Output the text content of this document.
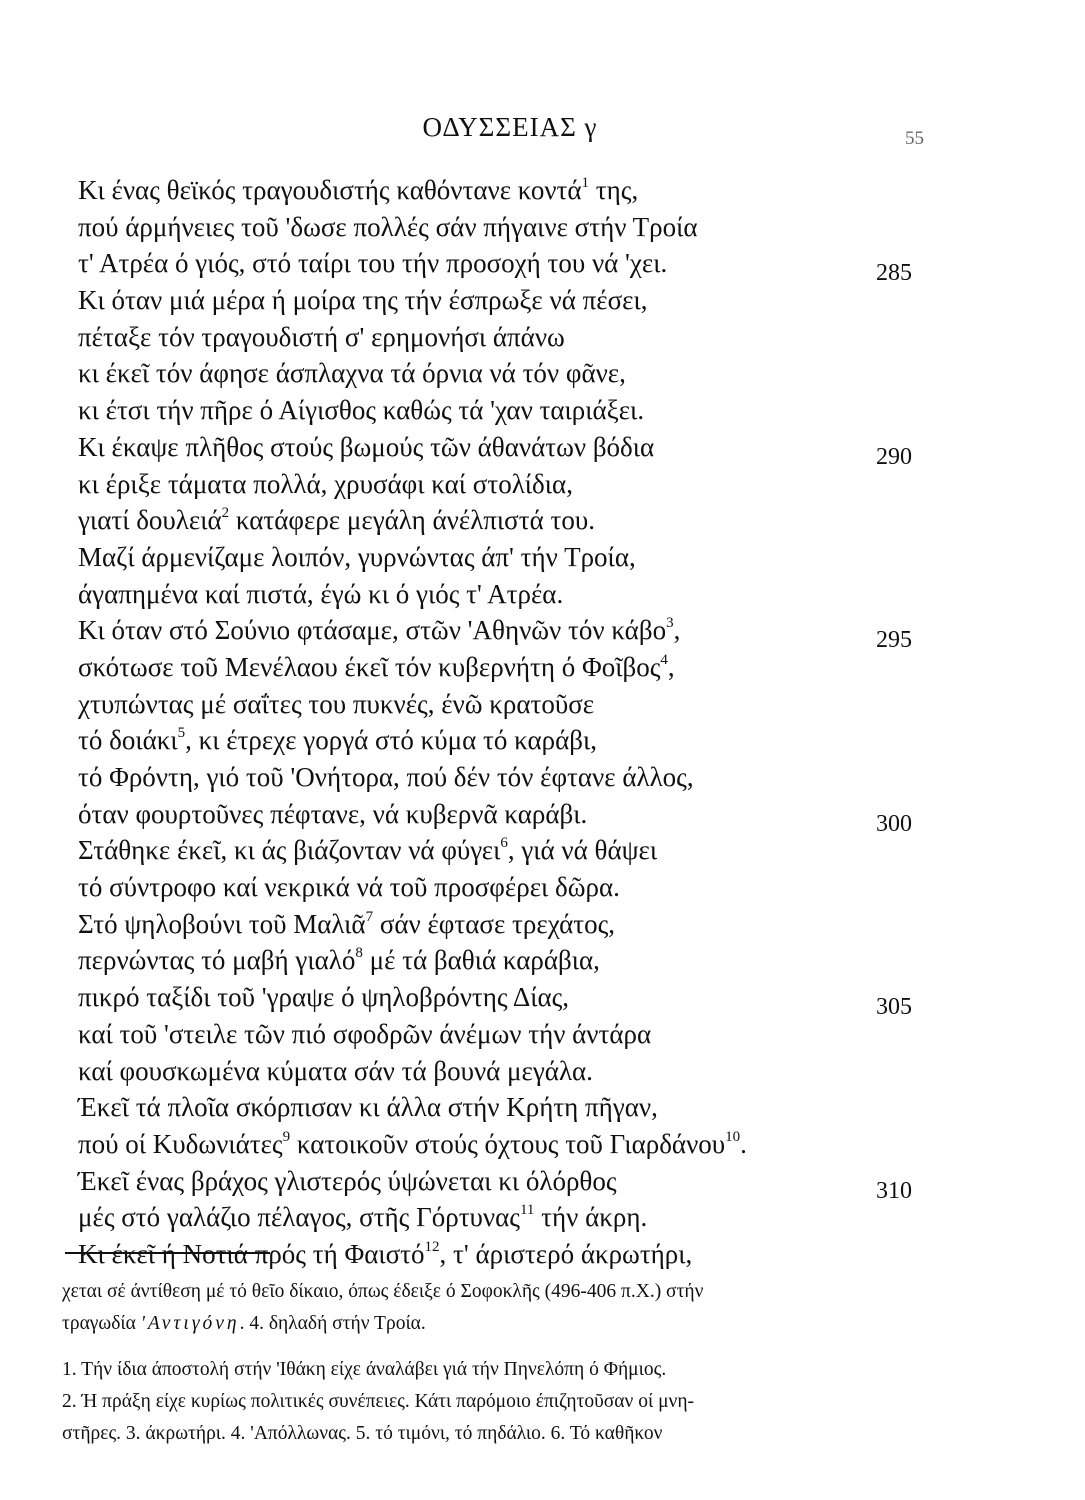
ΟΔΥΣΣΕΙΑΣ γ	55
Κι ένας θεϊκός τραγουδιστής καθόντανε κοντά$^1$ της,
πού άρμήνειες τοῦ 'δωσε πολλές σάν πήγαινε στήν Τροία
τ' Ατρέα ό γιός, στό ταίρι του τήν προσοχή του νά 'χει.	285
Κι όταν μιά μέρα ή μοίρα της τήν έσπρωξε νά πέσει,
πέταξε τόν τραγουδιστή σ' ερημονήσι άπάνω
κι έκεῖ τόν άφησε άσπλαχνα τά όρνια νά τόν φᾶνε,
κι έτσι τήν πῆρε ό Αίγισθος καθώς τά 'χαν ταιριάξει.
Κι έκαψε πλῆθος στούς βωμούς τῶν άθανάτων βόδια	290
κι έριξε τάματα πολλά, χρυσάφι καί στολίδια,
γιατί δουλειά$^2$ κατάφερε μεγάλη άνέλπιστά του.
Μαζί άρμενίζαμε λοιπόν, γυρνώντας άπ' τήν Τροία,
άγαπημένα καί πιστά, έγώ κι ό γιός τ' Ατρέα.
Κι όταν στό Σούνιο φτάσαμε, στῶν 'Αθηνῶν τόν κάβο$^3$,	295
σκότωσε τοῦ Μενέλαου έκεῖ τόν κυβερνήτη ό Φοῖβος$^4$,
χτυπώντας μέ σαΐτες του πυκνές, ένῶ κρατοῦσε
τό δοιάκι$^5$, κι έτρεχε γοργά στό κύμα τό καράβι,
τό Φρόντη, γιό τοῦ 'Ονήτορα, πού δέν τόν έφτανε άλλος,
όταν φουρτοῦνες πέφτανε, νά κυβερνᾶ καράβι.	300
Στάθηκε έκεῖ, κι άς βιάζονταν νά φύγει$^6$, γιά νά θάψει
τό σύντροφο καί νεκρικά νά τοῦ προσφέρει δῶρα.
Στό ψηλοβούνι τοῦ Μαλιᾶ$^7$ σάν έφτασε τρεχάτος,
περνώντας τό μαβή γιαλό$^8$ μέ τά βαθιά καράβια,
πικρό ταξίδι τοῦ 'γραψε ό ψηλοβρόντης Δίας,	305
καί τοῦ 'στειλε τῶν πιό σφοδρῶν άνέμων τήν άντάρα
καί φουσκωμένα κύματα σάν τά βουνά μεγάλα.
Έκεῖ τά πλοῖα σκόρπισαν κι άλλα στήν Κρήτη πῆγαν,
πού οί Κυδωνιάτες$^9$ κατοικοῦν στούς όχτους τοῦ Γιαρδάνου$^{10}$.
Έκεῖ ένας βράχος γλιστερός ύψώνεται κι όλόρθος	310
μές στό γαλάζιο πέλαγος, στῆς Γόρτυνας$^{11}$ τήν άκρη.
Κι έκεῖ ή Νοτιά πρός τή Φαιστό$^{12}$, τ' άριστερό άκρωτήρι,
χεται σέ άντίθεση μέ τό θεῖο δίκαιο, όπως έδειξε ό Σοφοκλῆς (496-406 π.Χ.) στήν
τραγωδία 'Αντιγόνη. 4. δηλαδή στήν Τροία.
1. Τήν ίδια άποστολή στήν 'Ιθάκη είχε άναλάβει γιά τήν Πηνελόπη ό Φήμιος.
2. Ή πράξη είχε κυρίως πολιτικές συνέπειες. Κάτι παρόμοιο έπιζητοῦσαν οί μνη-
στῆρες. 3. άκρωτήρι. 4. 'Απόλλωνας. 5. τό τιμόνι, τό πηδάλιο. 6. Τό καθῆκον
